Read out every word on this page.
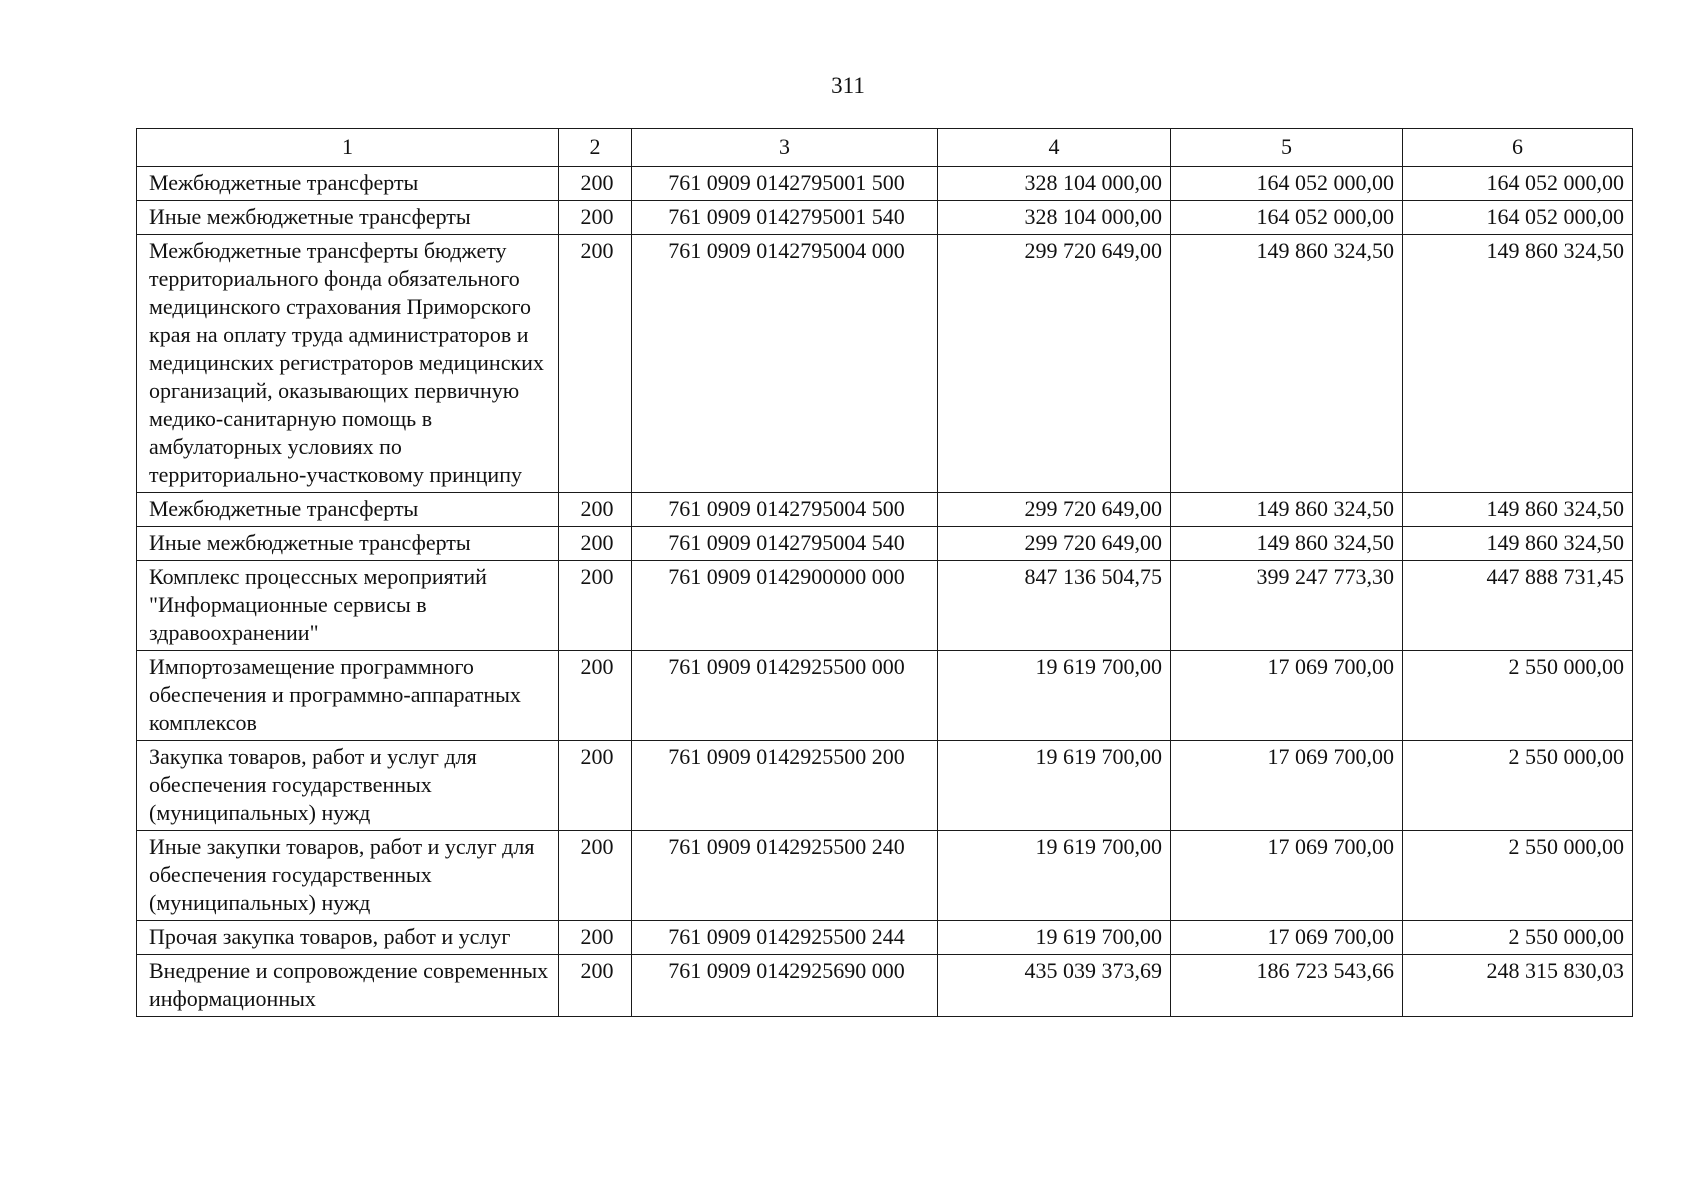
311
1	2	3	4	5	6
Межбюджетные трансферты	200	761 0909 0142795001 500	328 104 000,00	164 052 000,00	164 052 000,00
Иные межбюджетные трансферты	200	761 0909 0142795001 540	328 104 000,00	164 052 000,00	164 052 000,00
Межбюджетные трансферты бюджету территориального фонда обязательного медицинского страхования Приморского края на оплату труда администраторов и медицинских регистраторов медицинских организаций, оказывающих первичную медико-санитарную помощь в амбулаторных условиях по территориально-участковому принципу	200	761 0909 0142795004 000	299 720 649,00	149 860 324,50	149 860 324,50
Межбюджетные трансферты	200	761 0909 0142795004 500	299 720 649,00	149 860 324,50	149 860 324,50
Иные межбюджетные трансферты	200	761 0909 0142795004 540	299 720 649,00	149 860 324,50	149 860 324,50
Комплекс процессных мероприятий "Информационные сервисы в здравоохранении"	200	761 0909 0142900000 000	847 136 504,75	399 247 773,30	447 888 731,45
Импортозамещение программного обеспечения и программно-аппаратных комплексов	200	761 0909 0142925500 000	19 619 700,00	17 069 700,00	2 550 000,00
Закупка товаров, работ и услуг для обеспечения государственных (муниципальных) нужд	200	761 0909 0142925500 200	19 619 700,00	17 069 700,00	2 550 000,00
Иные закупки товаров, работ и услуг для обеспечения государственных (муниципальных) нужд	200	761 0909 0142925500 240	19 619 700,00	17 069 700,00	2 550 000,00
Прочая закупка товаров, работ и услуг	200	761 0909 0142925500 244	19 619 700,00	17 069 700,00	2 550 000,00
Внедрение и сопровождение современных информационных	200	761 0909 0142925690 000	435 039 373,69	186 723 543,66	248 315 830,03
